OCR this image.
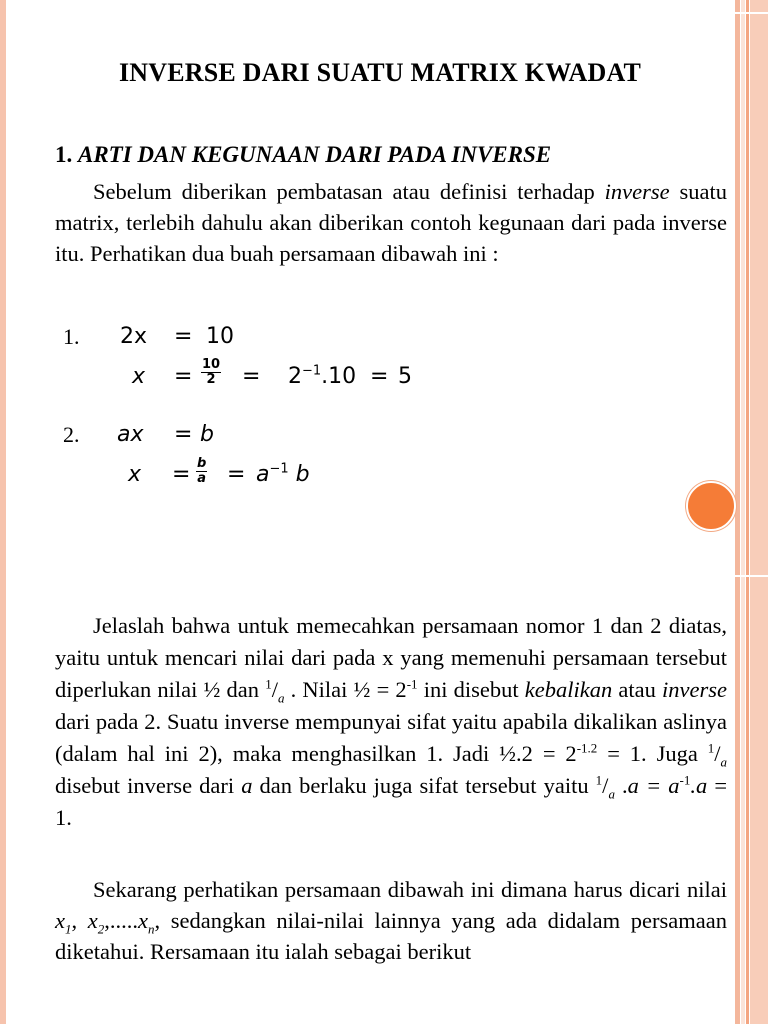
INVERSE DARI SUATU MATRIX KWADAT
1. ARTI DAN KEGUNAAN DARI PADA INVERSE

Sebelum diberikan pembatasan atau definisi terhadap inverse suatu matrix, terlebih dahulu akan diberikan contoh kegunaan dari pada inverse itu. Perhatikan dua buah persamaan dibawah ini :

1. 2x = 10
$x = \frac{10}{2} = 2^{-1}.10 = 5$
2. ax = b
$x = \frac{b}{a} = a^{-1}$ b

Jelaslah bahwa untuk memecahkan persamaan nomor 1 dan 2 diatas, yaitu untuk mencari nilai dari pada x yang memenuhi persamaan tersebut diperlukan nilai ½ dan $^1/_a$ . Nilai ½ = $2^{-1}$ ini disebut kebalikan atau inverse dari pada 2. Suatu inverse mempunyai sifat yaitu apabila dikalikan aslinya (dalam hal ini 2), maka menghasilkan 1. Jadi ½.2 = $2^{-1.2} = 1$. Juga $^1/_a$ disebut inverse dari a dan berlaku juga sifat tersebut yaitu $^1/_a$ $.a = a^{-1}.a = 1$.

Sekarang perhatikan persamaan dibawah ini dimana harus dicari nilai $x_1$, $x_2,.....x_n$, sedangkan nilai-nilai lainnya yang ada didalam persamaan diketahui. Rersamaan itu ialah sebagai berikut
